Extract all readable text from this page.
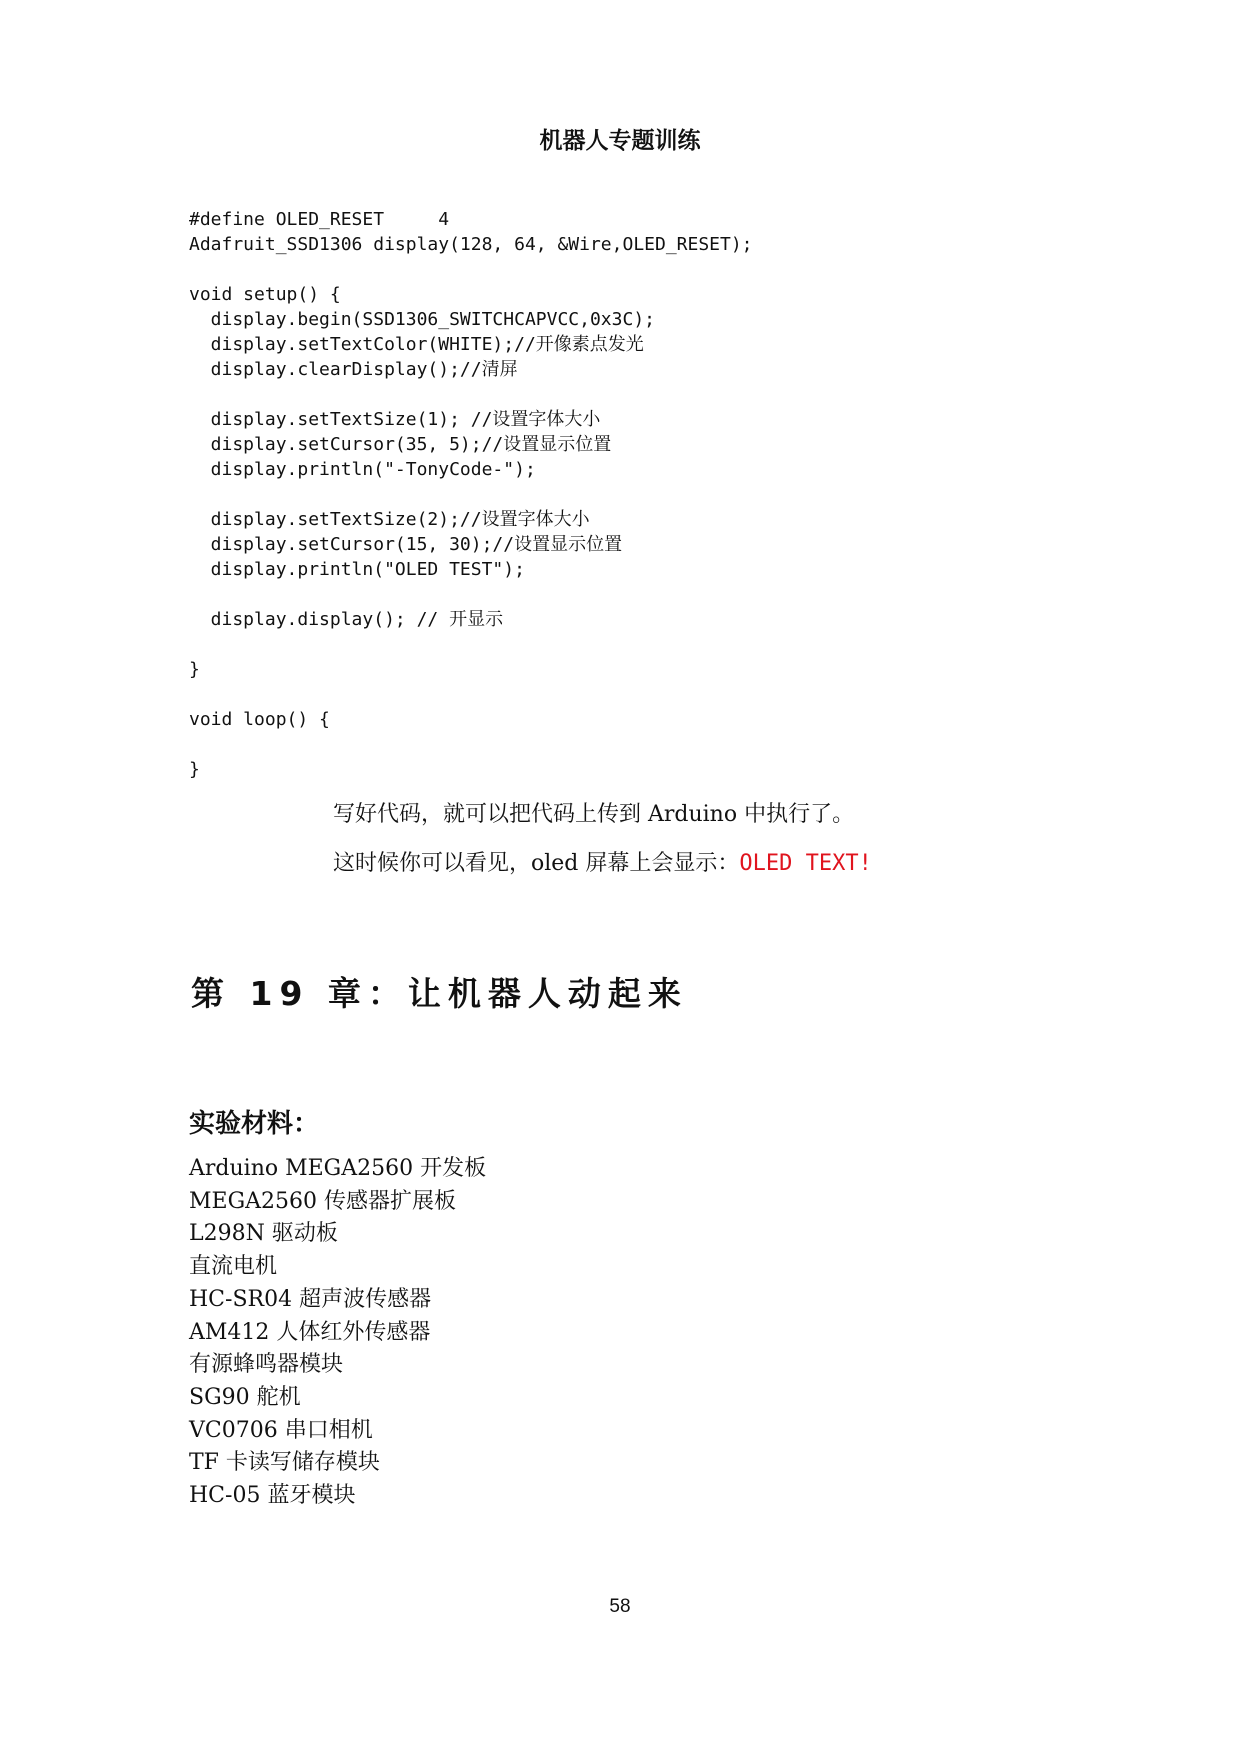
机器人专题训练
#define OLED_RESET     4
Adafruit_SSD1306 display(128, 64, &Wire,OLED_RESET);
void setup() {
display.begin(SSD1306_SWITCHCAPVCC,0x3C);
display.setTextColor(WHITE);//开像素点发光
display.clearDisplay();//清屏
display.setTextSize(1); //设置字体大小
display.setCursor(35, 5);//设置显示位置
display.println("-TonyCode-");
display.setTextSize(2);//设置字体大小
display.setCursor(15, 30);//设置显示位置
display.println("OLED TEST");
display.display(); // 开显示
}
void loop() {
}
写好代码，就可以把代码上传到 Arduino 中执行了。
这时候你可以看见，oled 屏幕上会显示：OLED TEXT!
第 19 章：让机器人动起来
实验材料：
Arduino MEGA2560 开发板
MEGA2560 传感器扩展板
L298N 驱动板
直流电机
HC-SR04 超声波传感器
AM412 人体红外传感器
有源蜂鸣器模块
SG90 舵机
VC0706 串口相机
TF 卡读写储存模块
HC-05 蓝牙模块
58
